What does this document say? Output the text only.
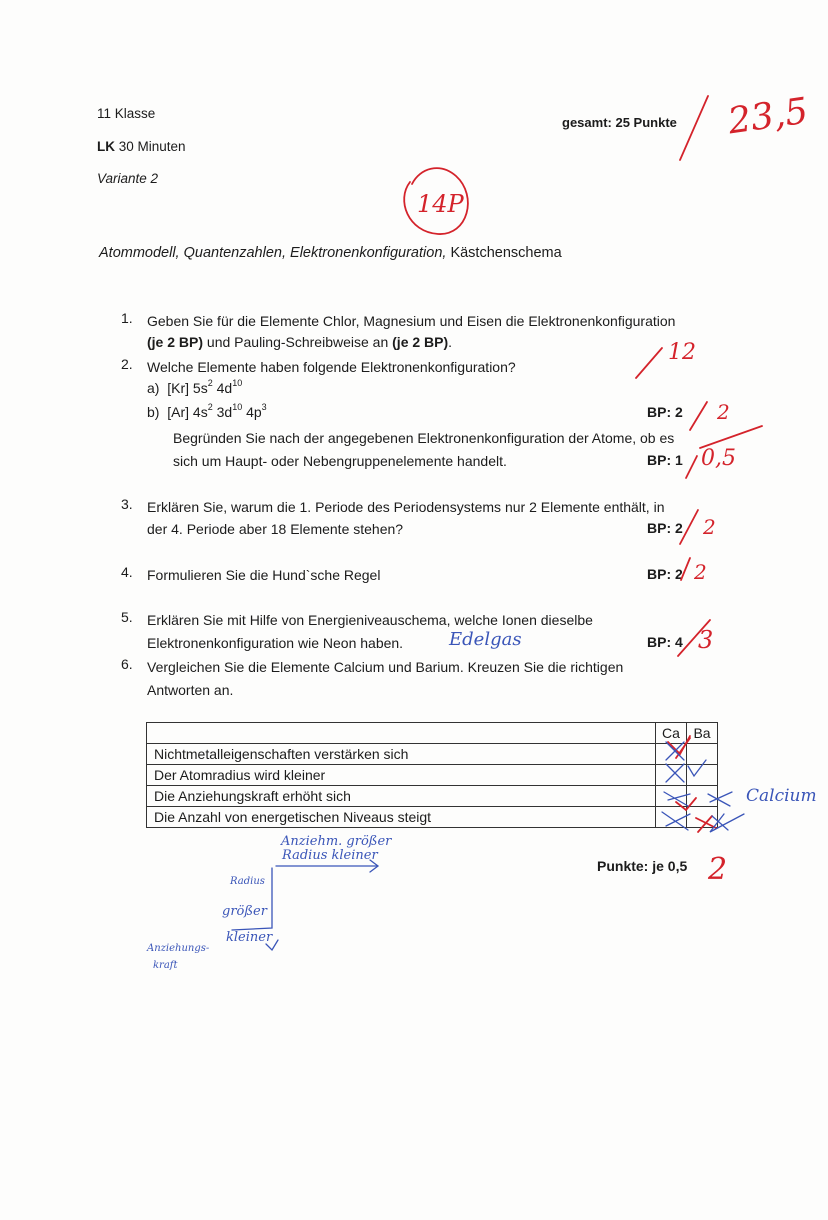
11 Klasse
LK 30 Minuten
Variante 2
gesamt: 25 Punkte
Atommodell, Quantenzahlen, Elektronenkonfiguration, Kästchenschema
1. Geben Sie für die Elemente Chlor, Magnesium und Eisen die Elektronenkonfiguration
(je 2 BP) und Pauling-Schreibweise an (je 2 BP).
2. Welche Elemente haben folgende Elektronenkonfiguration?
a) [Kr] $5s^2$ $4d^{10}$
b) [Ar] $4s^2$ $3d^{10}$ $4p^3$	BP: 2
Begründen Sie nach der angegebenen Elektronenkonfiguration der Atome, ob es
sich um Haupt- oder Nebengruppenelemente handelt.	BP: 1
3. Erklären Sie, warum die 1. Periode des Periodensystems nur 2 Elemente enthält, in
der 4. Periode aber 18 Elemente stehen?	BP: 2
4. Formulieren Sie die Hund`sche Regel	BP: 2
5. Erklären Sie mit Hilfe von Energieniveauschema, welche Ionen dieselbe
Elektronenkonfiguration wie Neon haben.	BP: 4
6. Vergleichen Sie die Elemente Calcium und Barium. Kreuzen Sie die richtigen
Antworten an.
	Ca	Ba
Nichtmetalleigenschaften verstärken sich		
Der Atomradius wird kleiner		
Die Anziehungskraft erhöht sich		
Die Anzahl von energetischen Niveaus steigt		
Punkte: je 0,5
23,5
14P
12
2
0,5
2
2
Edelgas	3
Calcium
2
Anziehm. größer
Radius kleiner
Radius
größer
kleiner
Anziehungs-
kraft
